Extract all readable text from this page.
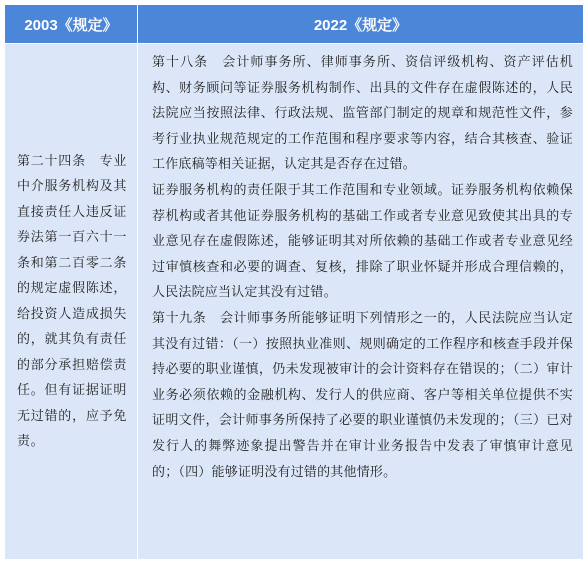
2003《规定》	2022《规定》

第二十四条　专业中介服务机构及其直接责任人违反证券法第一百六十一条和第二百零二条的规定虚假陈述，给投资人造成损失的，就其负有责任的部分承担赔偿责任。但有证据证明无过错的，应予免责。	第十八条　会计师事务所、律师事务所、资信评级机构、资产评估机构、财务顾问等证券服务机构制作、出具的文件存在虚假陈述的，人民法院应当按照法律、行政法规、监管部门制定的规章和规范性文件，参考行业执业规范规定的工作范围和程序要求等内容，结合其核查、验证工作底稿等相关证据，认定其是否存在过错。

证券服务机构的责任限于其工作范围和专业领域。证券服务机构依赖保荐机构或者其他证券服务机构的基础工作或者专业意见致使其出具的专业意见存在虚假陈述，能够证明其对所依赖的基础工作或者专业意见经过审慎核查和必要的调查、复核，排除了职业怀疑并形成合理信赖的，人民法院应当认定其没有过错。

第十九条　会计师事务所能够证明下列情形之一的，人民法院应当认定其没有过错：（一）按照执业准则、规则确定的工作程序和核查手段并保持必要的职业谨慎，仍未发现被审计的会计资料存在错误的；（二）审计业务必须依赖的金融机构、发行人的供应商、客户等相关单位提供不实证明文件，会计师事务所保持了必要的职业谨慎仍未发现的；（三）已对发行人的舞弊迹象提出警告并在审计业务报告中发表了审慎审计意见的；（四）能够证明没有过错的其他情形。
